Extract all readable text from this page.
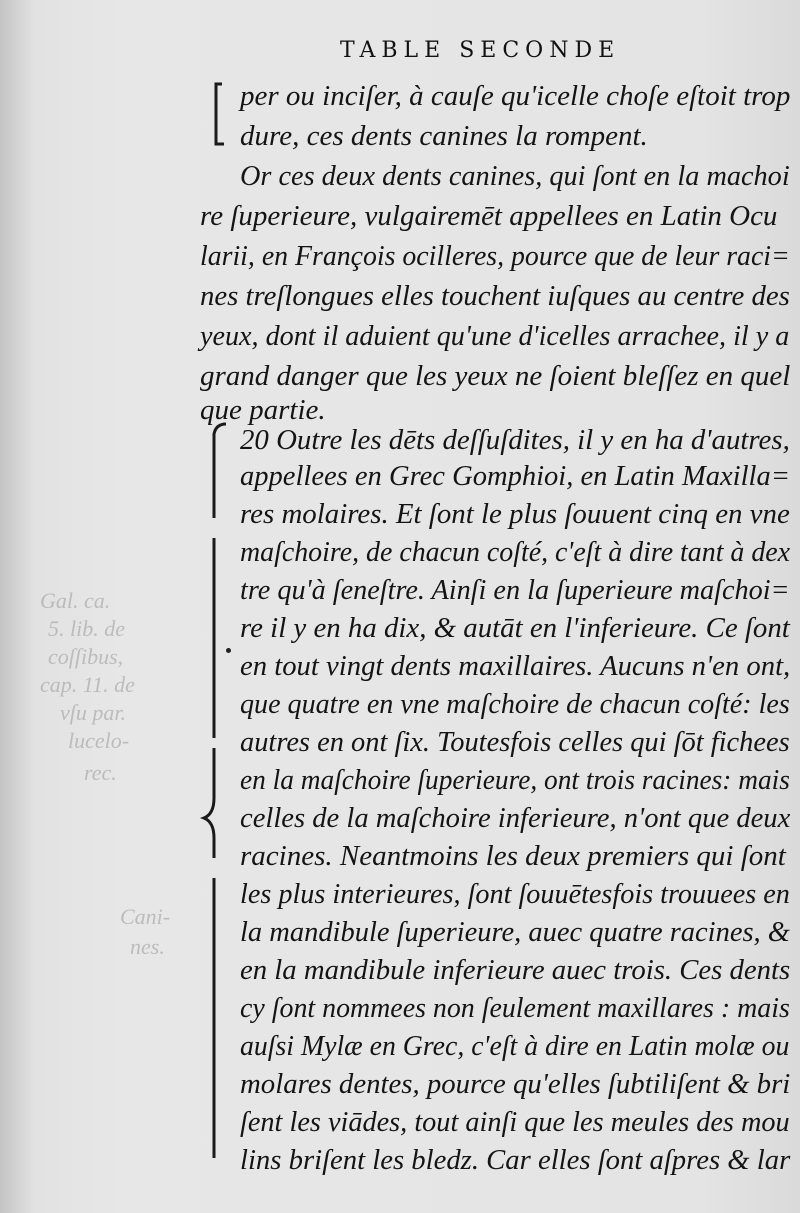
TABLE SECONDE
Gal. ca.
5. lib. de
coſſibus,
cap. 11. de
vſu par.
lucelo-
rec.
Cani-
nes.
per ou inciſer, à cauſe qu'icelle choſe eſtoit trop
dure, ces dents canines la rompent.
Or ces deux dents canines, qui ſont en la machoi
re ſuperieure, vulgairemēt appellees en Latin Ocu
larii, en François ocilleres, pource que de leur raci=
nes treſlongues elles touchent iuſques au centre des
yeux, dont il aduient qu'une d'icelles arrachee, il y a
grand danger que les yeux ne ſoient bleſſez en quel
que partie.
20 Outre les dēts deſſuſdites, il y en ha d'autres,
appellees en Grec Gomphioi, en Latin Maxilla=
res molaires. Et ſont le plus ſouuent cinq en vne
maſchoire, de chacun coſté, c'eſt à dire tant à dex
tre qu'à ſeneſtre. Ainſi en la ſuperieure maſchoi=
re il y en ha dix, & autāt en l'inferieure. Ce ſont
en tout vingt dents maxillaires. Aucuns n'en ont,
que quatre en vne maſchoire de chacun coſté: les
autres en ont ſix. Toutesfois celles qui ſōt fichees
en la maſchoire ſuperieure, ont trois racines: mais
celles de la maſchoire inferieure, n'ont que deux
racines. Neantmoins les deux premiers qui ſont
les plus interieures, ſont ſouuētesfois trouuees en
la mandibule ſuperieure, auec quatre racines, &
en la mandibule inferieure auec trois. Ces dents
cy ſont nommees non ſeulement maxillares : mais
auſsi Mylæ en Grec, c'eſt à dire en Latin molæ ou
molares dentes, pource qu'elles ſubtiliſent & bri
ſent les viādes, tout ainſi que les meules des mou
lins briſent les bledz. Car elles ſont aſpres & lar
